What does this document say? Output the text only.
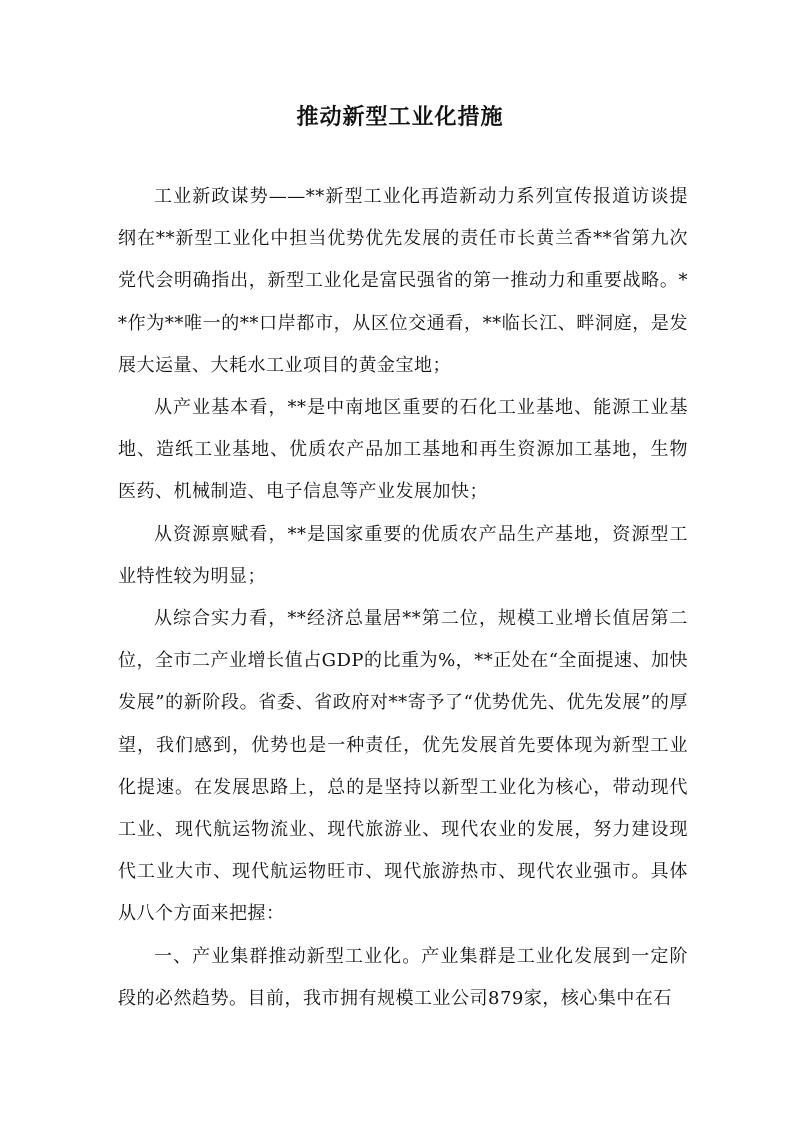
推动新型工业化措施

工业新政谋势——**新型工业化再造新动力系列宣传报道访谈提纲在**新型工业化中担当优势优先发展的责任市长黄兰香**省第九次党代会明确指出，新型工业化是富民强省的第一推动力和重要战略。**作为**唯一的**口岸都市，从区位交通看，**临长江、畔洞庭，是发展大运量、大耗水工业项目的黄金宝地；

从产业基本看，**是中南地区重要的石化工业基地、能源工业基地、造纸工业基地、优质农产品加工基地和再生资源加工基地，生物医药、机械制造、电子信息等产业发展加快；

从资源禀赋看，**是国家重要的优质农产品生产基地，资源型工业特性较为明显；

从综合实力看，**经济总量居**第二位，规模工业增长值居第二位，全市二产业增长值占GDP的比重为%，**正处在“全面提速、加快发展”的新阶段。省委、省政府对**寄予了“优势优先、优先发展”的厚望，我们感到，优势也是一种责任，优先发展首先要体现为新型工业化提速。在发展思路上，总的是坚持以新型工业化为核心，带动现代工业、现代航运物流业、现代旅游业、现代农业的发展，努力建设现代工业大市、现代航运物旺市、现代旅游热市、现代农业强市。具体从八个方面来把握：

一、产业集群推动新型工业化。产业集群是工业化发展到一定阶段的必然趋势。目前，我市拥有规模工业公司879家，核心集中在石
